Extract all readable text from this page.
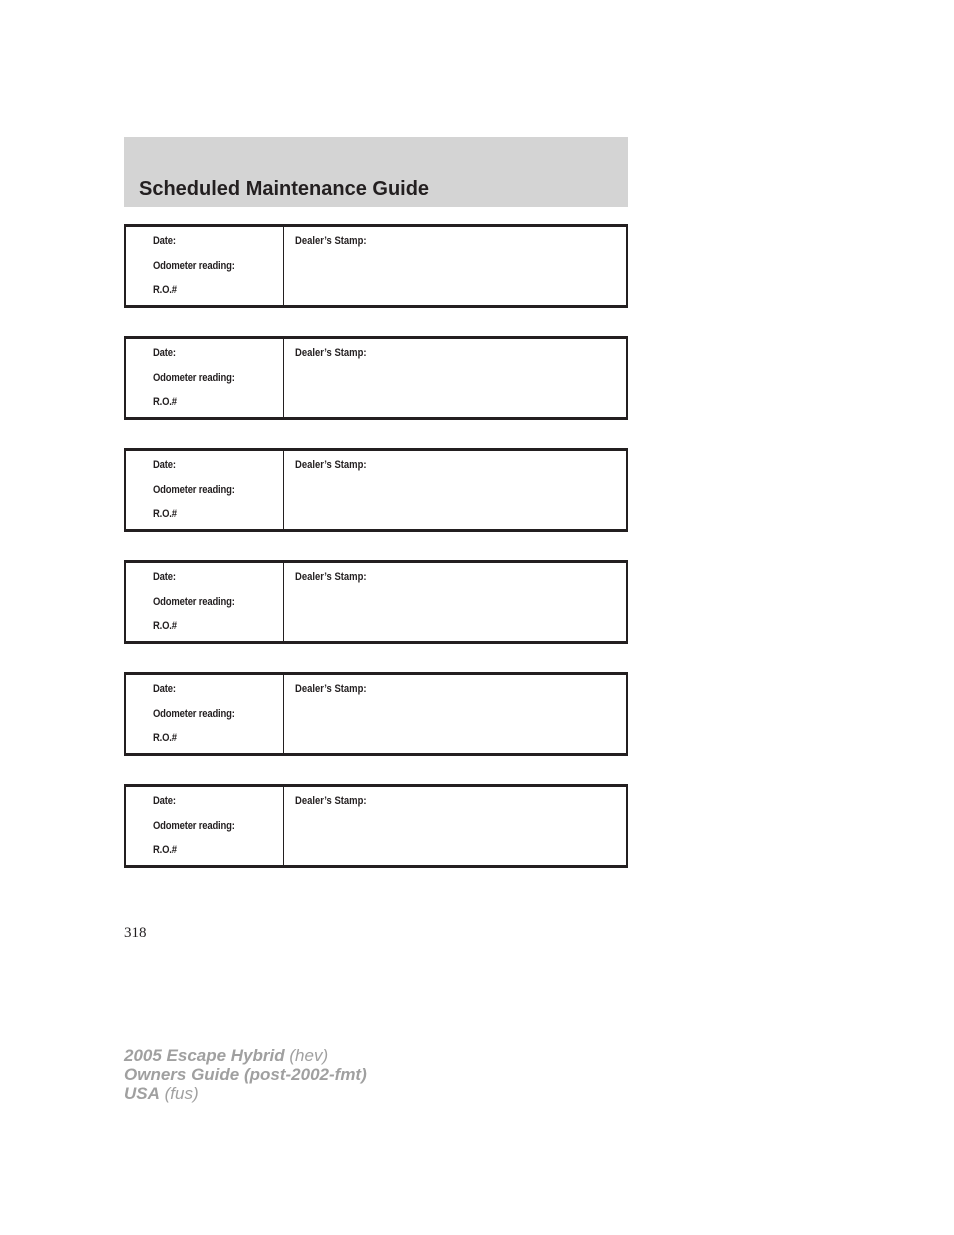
Scheduled Maintenance Guide
Date:
Odometer reading:
R.O.#
Dealer’s Stamp:
Date:
Odometer reading:
R.O.#
Dealer’s Stamp:
Date:
Odometer reading:
R.O.#
Dealer’s Stamp:
Date:
Odometer reading:
R.O.#
Dealer’s Stamp:
Date:
Odometer reading:
R.O.#
Dealer’s Stamp:
Date:
Odometer reading:
R.O.#
Dealer’s Stamp:
318
2005 Escape Hybrid (hev)
Owners Guide (post-2002-fmt)
USA (fus)
